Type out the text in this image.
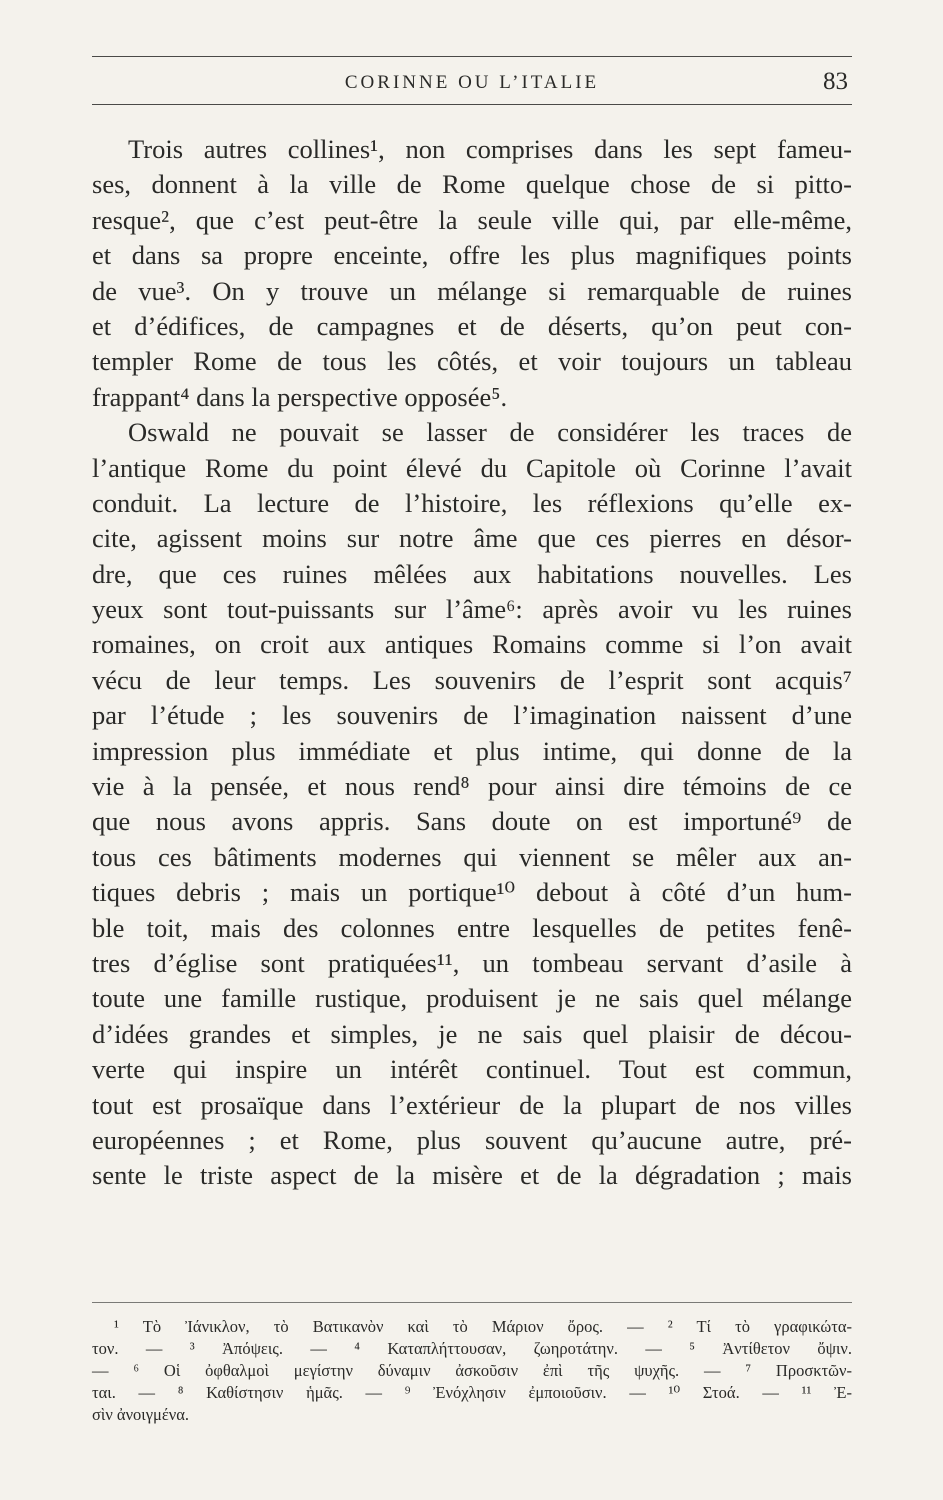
CORINNE OU L’ITALIE	83
Trois autres collines¹, non comprises dans les sept fameu-
ses, donnent à la ville de Rome quelque chose de si pitto-
resque², que c’est peut-être la seule ville qui, par elle-même,
et dans sa propre enceinte, offre les plus magnifiques points
de vue³. On y trouve un mélange si remarquable de ruines
et d’édifices, de campagnes et de déserts, qu’on peut con-
templer Rome de tous les côtés, et voir toujours un tableau
frappant⁴ dans la perspective opposée⁵.
Oswald ne pouvait se lasser de considérer les traces de
l’antique Rome du point élevé du Capitole où Corinne l’avait
conduit. La lecture de l’histoire, les réflexions qu’elle ex-
cite, agissent moins sur notre âme que ces pierres en désor-
dre, que ces ruines mêlées aux habitations nouvelles. Les
yeux sont tout-puissants sur l’âme⁶: après avoir vu les ruines
romaines, on croit aux antiques Romains comme si l’on avait
vécu de leur temps. Les souvenirs de l’esprit sont acquis⁷
par l’étude ; les souvenirs de l’imagination naissent d’une
impression plus immédiate et plus intime, qui donne de la
vie à la pensée, et nous rend⁸ pour ainsi dire témoins de ce
que nous avons appris. Sans doute on est importuné⁹ de
tous ces bâtiments modernes qui viennent se mêler aux an-
tiques debris ; mais un portique¹⁰ debout à côté d’un hum-
ble toit, mais des colonnes entre lesquelles de petites fenê-
tres d’église sont pratiquées¹¹, un tombeau servant d’asile à
toute une famille rustique, produisent je ne sais quel mélange
d’idées grandes et simples, je ne sais quel plaisir de décou-
verte qui inspire un intérêt continuel. Tout est commun,
tout est prosaïque dans l’extérieur de la plupart de nos villes
européennes ; et Rome, plus souvent qu’aucune autre, pré-
sente le triste aspect de la misère et de la dégradation ; mais
¹ Τὸ Ἰάνικλον, τὸ Βατικανὸν καὶ τὸ Μάριον ὄρος. — ² Τί τὸ γραφικώτα-
τον. — ³ Ἀπόψεις. — ⁴ Καταπλήττουσαν, ζωηροτάτην. — ⁵ Ἀντίθετον ὄψιν.
— ⁶ Οἱ ὀφθαλμοὶ μεγίστην δύναμιν ἀσκοῦσιν ἐπὶ τῆς ψυχῆς. — ⁷ Προσκτῶν-
ται. — ⁸ Καθίστησιν ἡμᾶς. — ⁹ Ἐνόχλησιν ἐμποιοῦσιν. — ¹⁰ Στοά. — ¹¹ Ἐ-
σὶν ἀνοιγμένα.
